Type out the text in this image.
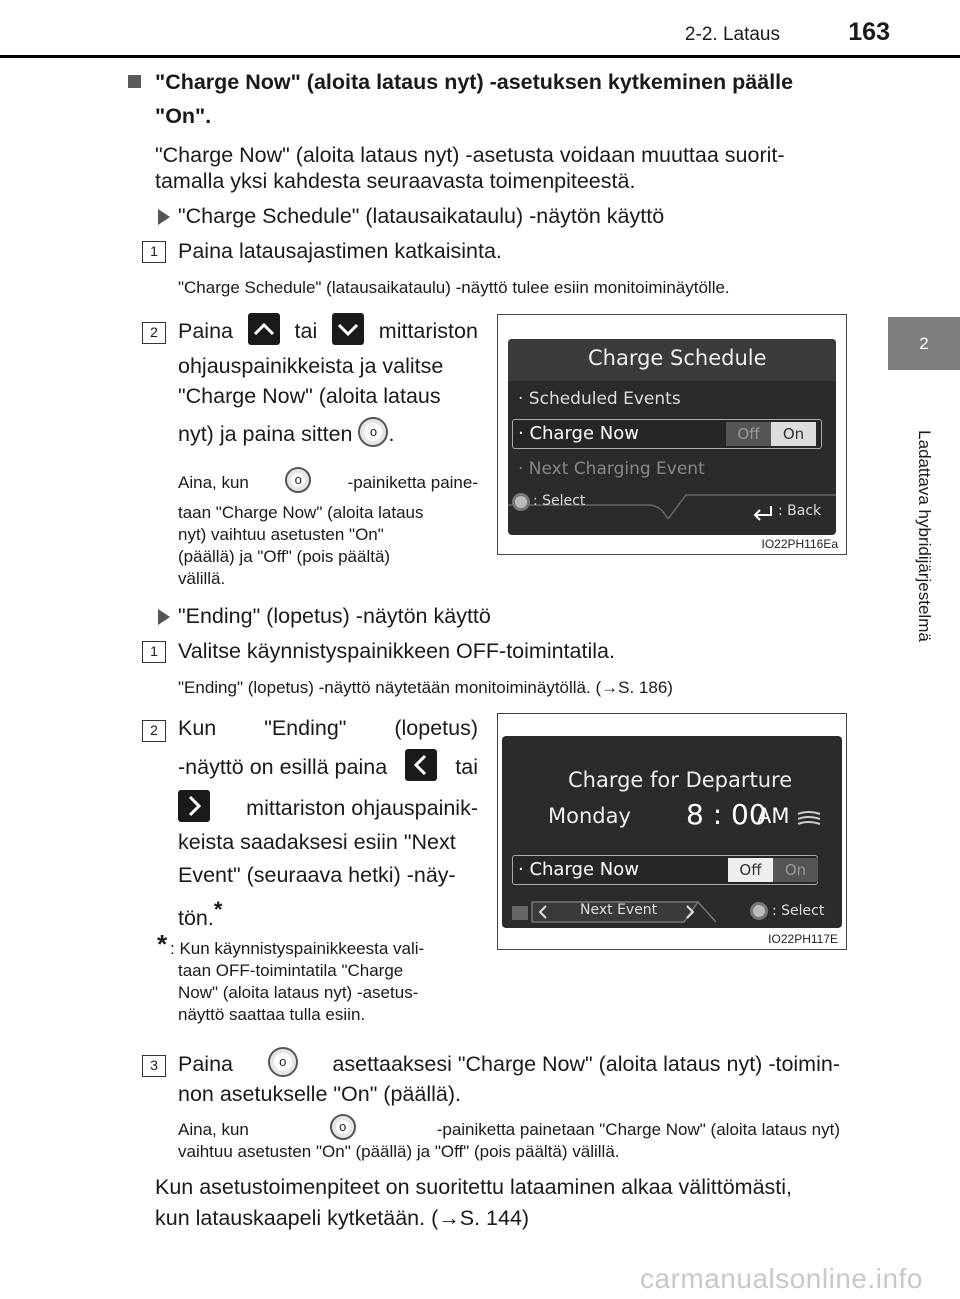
2-2. Lataus	163
2
Ladattava hybridijärjestelmä
"Charge Now" (aloita lataus nyt) -asetuksen kytkeminen päälle
"On".
"Charge Now" (aloita lataus nyt) -asetusta voidaan muuttaa suorit-
tamalla yksi kahdesta seuraavasta toimenpiteestä.
"Charge Schedule" (latausaikataulu) -näytön käyttö
1 Paina latausajastimen katkaisinta.
"Charge Schedule" (latausaikataulu) -näyttö tulee esiin monitoiminäytölle.
2 Paina	tai	mittariston
ohjauspainikkeista ja valitse
"Charge Now" (aloita lataus
nyt) ja paina sitten o .
Aina, kun	o	-painiketta paine-
taan "Charge Now" (aloita lataus
nyt) vaihtuu asetusten "On"
(päällä) ja "Off" (pois päältä)
välillä.
Charge Schedule
· Scheduled Events
· Charge Now	Off	On
· Next Charging Event
: Select
: Back
IO22PH116Ea
"Ending" (lopetus) -näytön käyttö
1 Valitse käynnistyspainikkeen OFF-toimintatila.
"Ending" (lopetus) -näyttö näytetään monitoiminäytöllä. (→S. 186)
2 Kun "Ending" (lopetus)
-näyttö on esillä paina	tai
mittariston ohjauspainik-
keista saadaksesi esiin "Next
Event" (seuraava hetki) -näy-
tön.*
* : Kun käynnistyspainikkeesta vali-
taan OFF-toimintatila "Charge
Now" (aloita lataus nyt) -asetus-
näyttö saattaa tulla esiin.
Charge for Departure
Monday 8 : 00
AM
· Charge Now	Off	On
Next Event	: Select
IO22PH117E
3 Paina	o	asettaaksesi "Charge Now" (aloita lataus nyt) -toimin-
non asetukselle "On" (päällä).
Aina, kun	o	-painiketta painetaan "Charge Now" (aloita lataus nyt)
vaihtuu asetusten "On" (päällä) ja "Off" (pois päältä) välillä.
Kun asetustoimenpiteet on suoritettu lataaminen alkaa välittömästi,
kun latauskaapeli kytketään. (→S. 144)
carmanualsonline.info
